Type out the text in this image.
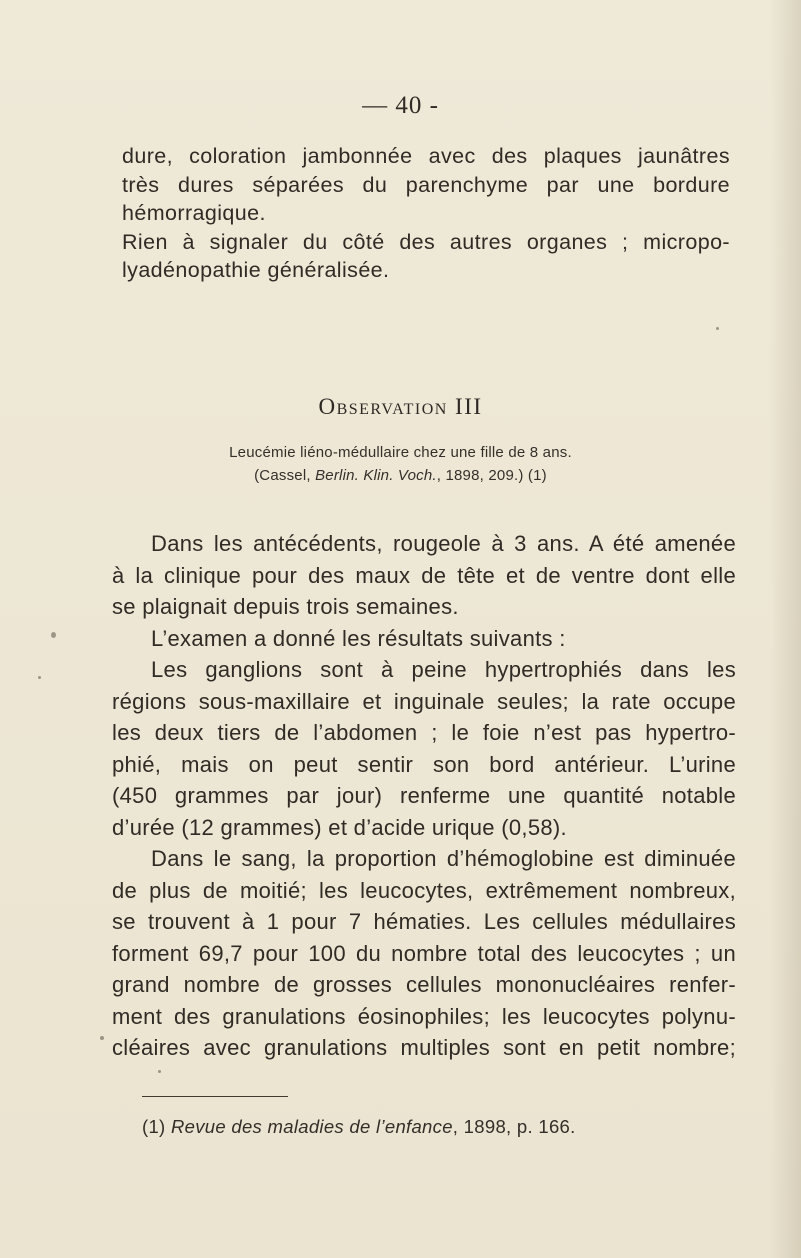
— 40 -
dure, coloration jambonnée avec des plaques jaunâtres
très dures séparées du parenchyme par une bordure
hémorragique.
Rien à signaler du côté des autres organes ; micropo-
lyadénopathie généralisée.
Observation III
Leucémie liéno-médullaire chez une fille de 8 ans.
(Cassel, Berlin. Klin. Voch., 1898, 209.) (1)
Dans les antécédents, rougeole à 3 ans. A été amenée
à la clinique pour des maux de tête et de ventre dont elle
se plaignait depuis trois semaines.
L’examen a donné les résultats suivants :
Les ganglions sont à peine hypertrophiés dans les
régions sous-maxillaire et inguinale seules; la rate occupe
les deux tiers de l’abdomen ; le foie n’est pas hypertro-
phié, mais on peut sentir son bord antérieur. L’urine
(450 grammes par jour) renferme une quantité notable
d’urée (12 grammes) et d’acide urique (0,58).
Dans le sang, la proportion d’hémoglobine est diminuée
de plus de moitié; les leucocytes, extrêmement nombreux,
se trouvent à 1 pour 7 hématies. Les cellules médullaires
forment 69,7 pour 100 du nombre total des leucocytes ; un
grand nombre de grosses cellules mononucléaires renfer-
ment des granulations éosinophiles; les leucocytes polynu-
cléaires avec granulations multiples sont en petit nombre;
(1) Revue des maladies de l’enfance, 1898, p. 166.
